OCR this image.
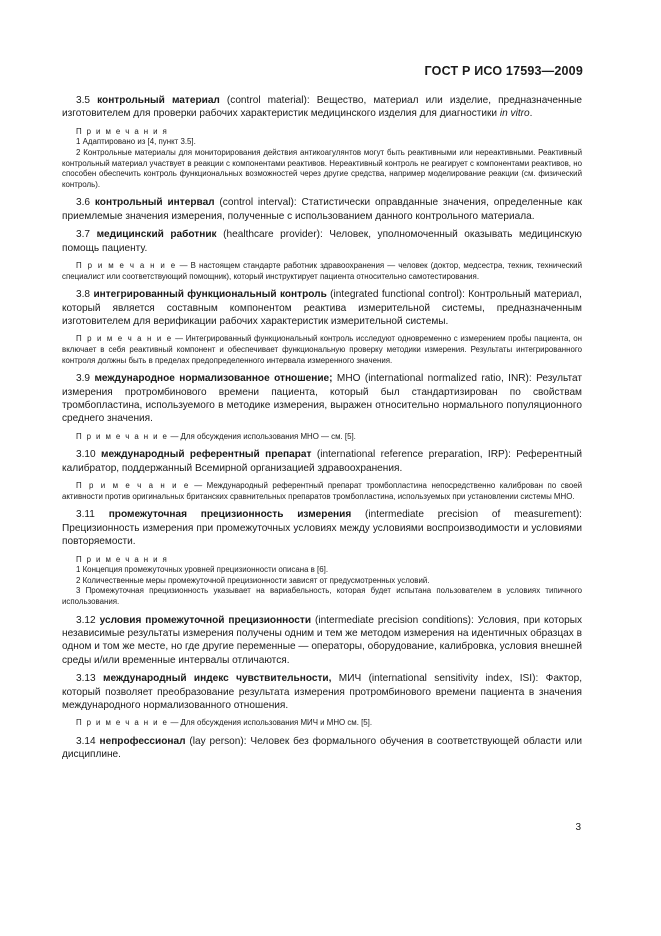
ГОСТ Р ИСО 17593—2009

3.5 контрольный материал (control material): Вещество, материал или изделие, предназначенные изготовителем для проверки рабочих характеристик медицинского изделия для диагностики in vitro.

П р и м е ч а н и я

1 Адаптировано из [4, пункт 3.5].

2 Контрольные материалы для мониторирования действия антикоагулянтов могут быть реактивными или нереактивными. Реактивный контрольный материал участвует в реакции с компонентами реактивов. Нереактивный контроль не реагирует с компонентами реактивов, но способен обеспечить контроль функциональных возможностей через другие средства, например моделирование реакции (см. физический контроль).

3.6 контрольный интервал (control interval): Статистически оправданные значения, определенные как приемлемые значения измерения, полученные с использованием данного контрольного материала.

3.7 медицинский работник (healthcare provider): Человек, уполномоченный оказывать медицинскую помощь пациенту.

П р и м е ч а н и е — В настоящем стандарте работник здравоохранения — человек (доктор, медсестра, техник, технический специалист или соответствующий помощник), который инструктирует пациента относительно самотестирования.

3.8 интегрированный функциональный контроль (integrated functional control): Контрольный материал, который является составным компонентом реактива измерительной системы, предназначенным изготовителем для верификации рабочих характеристик измерительной системы.

П р и м е ч а н и е — Интегрированный функциональный контроль исследуют одновременно с измерением пробы пациента, он включает в себя реактивный компонент и обеспечивает функциональную проверку методики измерения. Результаты интегрированного контроля должны быть в пределах предопределенного интервала измеренного значения.

3.9 международное нормализованное отношение; МНО (international normalized ratio, INR): Результат измерения протромбинового времени пациента, который был стандартизирован по свойствам тромбопластина, используемого в методике измерения, выражен относительно нормального популяционного среднего значения.

П р и м е ч а н и е — Для обсуждения использования МНО — см. [5].

3.10 международный референтный препарат (international reference preparation, IRP): Референтный калибратор, поддержанный Всемирной организацией здравоохранения.

П р и м е ч а н и е — Международный референтный препарат тромбопластина непосредственно калиброван по своей активности против оригинальных британских сравнительных препаратов тромбопластина, используемых при установлении системы МНО.

3.11 промежуточная прецизионность измерения (intermediate precision of measurement): Прецизионность измерения при промежуточных условиях между условиями воспроизводимости и условиями повторяемости.

П р и м е ч а н и я

1 Концепция промежуточных уровней прецизионности описана в [6].

2 Количественные меры промежуточной прецизионности зависят от предусмотренных условий.

3 Промежуточная прецизионность указывает на вариабельность, которая будет испытана пользователем в условиях типичного использования.

3.12 условия промежуточной прецизионности (intermediate precision conditions): Условия, при которых независимые результаты измерения получены одним и тем же методом измерения на идентичных образцах в одном и том же месте, но где другие переменные — операторы, оборудование, калибровка, условия внешней среды и/или временные интервалы отличаются.

3.13 международный индекс чувствительности, МИЧ (international sensitivity index, ISI): Фактор, который позволяет преобразование результата измерения протромбинового времени пациента в значения международного нормализованного отношения.

П р и м е ч а н и е — Для обсуждения использования МИЧ и МНО см. [5].

3.14 непрофессионал (lay person): Человек без формального обучения в соответствующей области или дисциплине.

3
